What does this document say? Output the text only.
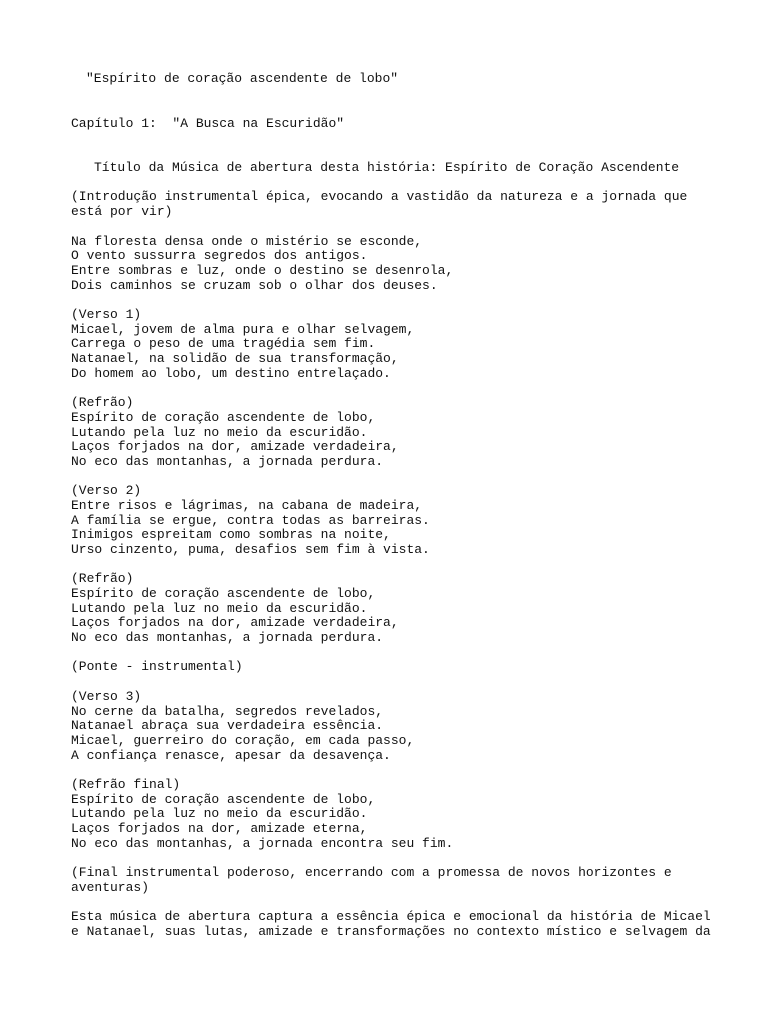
"Espírito de coração ascendente de lobo"
Capítulo 1:  "A Busca na Escuridão"
Título da Música de abertura desta história: Espírito de Coração Ascendente
(Introdução instrumental épica, evocando a vastidão da natureza e a jornada que
está por vir)
Na floresta densa onde o mistério se esconde,
O vento sussurra segredos dos antigos.
Entre sombras e luz, onde o destino se desenrola,
Dois caminhos se cruzam sob o olhar dos deuses.
(Verso 1)
Micael, jovem de alma pura e olhar selvagem,
Carrega o peso de uma tragédia sem fim.
Natanael, na solidão de sua transformação,
Do homem ao lobo, um destino entrelaçado.
(Refrão)
Espírito de coração ascendente de lobo,
Lutando pela luz no meio da escuridão.
Laços forjados na dor, amizade verdadeira,
No eco das montanhas, a jornada perdura.
(Verso 2)
Entre risos e lágrimas, na cabana de madeira,
A família se ergue, contra todas as barreiras.
Inimigos espreitam como sombras na noite,
Urso cinzento, puma, desafios sem fim à vista.
(Refrão)
Espírito de coração ascendente de lobo,
Lutando pela luz no meio da escuridão.
Laços forjados na dor, amizade verdadeira,
No eco das montanhas, a jornada perdura.
(Ponte - instrumental)
(Verso 3)
No cerne da batalha, segredos revelados,
Natanael abraça sua verdadeira essência.
Micael, guerreiro do coração, em cada passo,
A confiança renasce, apesar da desavença.
(Refrão final)
Espírito de coração ascendente de lobo,
Lutando pela luz no meio da escuridão.
Laços forjados na dor, amizade eterna,
No eco das montanhas, a jornada encontra seu fim.
(Final instrumental poderoso, encerrando com a promessa de novos horizontes e
aventuras)
Esta música de abertura captura a essência épica e emocional da história de Micael
e Natanael, suas lutas, amizade e transformações no contexto místico e selvagem da
